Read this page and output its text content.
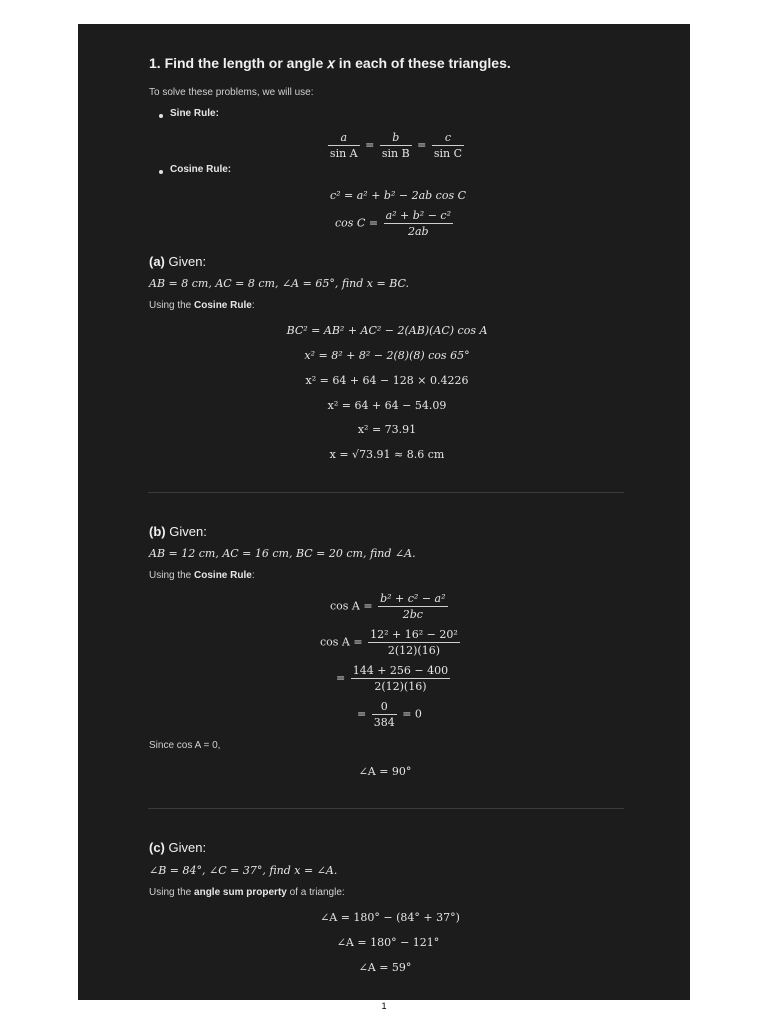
1. Find the length or angle 𝑥 in each of these triangles.
To solve these problems, we will use:
Sine Rule:
$\frac{a}{\text{sin A}} = \frac{b}{\text{sin B}} = \frac{c}{\text{sin C}}$
Cosine Rule:
c² = a² + b² − 2ab cos C
$\cos C = \frac{\text{a² + b² − c²}}{2ab}$
(a) Given:
AB = 8 cm, AC = 8 cm, ∠A = 65°, find x = BC.
Using the Cosine Rule:
BC² = AB² + AC² − 2(AB)(AC) cos A
x² = 8² + 8² − 2(8)(8) cos 65°
x² = 64 + 64 − 128 × 0.4226
x² = 64 + 64 − 54.09
x² = 73.91
x = √73.91 ≈ 8.6 cm
(b) Given:
AB = 12 cm, AC = 16 cm, BC = 20 cm, find ∠A.
Using the Cosine Rule:
$\cos A = \frac{\text{b² + c² − a²}}{2bc}$
$\cos A = \frac{\text{12² + 16² − 20²}}{2(12)(16)}$
= $\frac{144 + 256 - 400}{2(12)(16)}$
= $\frac{0}{384} = 0$
Since cos A = 0,
∠A = 90°
(c) Given:
∠B = 84°, ∠C = 37°, find x = ∠A.
Using the angle sum property of a triangle:
∠A = 180° − (84° + 37°)
∠A = 180° − 121°
∠A = 59°
1
